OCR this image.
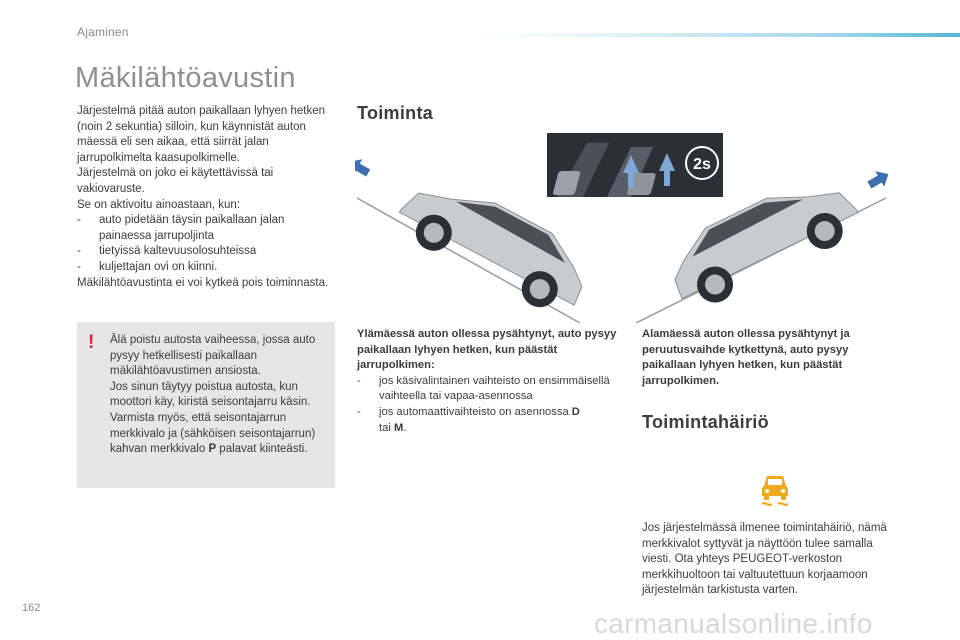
Ajaminen
Mäkilähtöavustin
Järjestelmä pitää auton paikallaan lyhyen hetken (noin 2 sekuntia) silloin, kun käynnistät auton mäessä eli sen aikaa, että siirrät jalan jarrupolkimelta kaasupolkimelle.
Järjestelmä on joko ei käytettävissä tai vakiovaruste.
Se on aktivoitu ainoastaan, kun:
-	auto pidetään täysin paikallaan jalan painaessa jarrupoljinta
-	tietyissä kaltevuusolosuhteissa
-	kuljettajan ovi on kiinni.
Mäkilähtöavustinta ei voi kytkeä pois toiminnasta.
! Älä poistu autosta vaiheessa, jossa auto pysyy hetkellisesti paikallaan mäkilähtöavustimen ansiosta.
Jos sinun täytyy poistua autosta, kun moottori käy, kiristä seisontajarru käsin. Varmista myös, että seisontajarrun merkkivalo ja (sähköisen seisontajarrun) kahvan merkkivalo P palavat kiinteästi.
Toiminta
2s
Ylämäessä auton ollessa pysähtynyt, auto pysyy paikallaan lyhyen hetken, kun päästät jarrupolkimen:
-	jos käsivalintainen vaihteisto on ensimmäisellä vaihteella tai vapaa-asennossa
-	jos automaattivaihteisto on asennossa D
tai M.
Alamäessä auton ollessa pysähtynyt ja peruutusvaihde kytkettynä, auto pysyy paikallaan lyhyen hetken, kun päästät jarrupolkimen.
Toimintahäiriö
Jos järjestelmässä ilmenee toimintahäiriö, nämä merkkivalot syttyvät ja näyttöön tulee samalla viesti. Ota yhteys PEUGEOT-verkoston merkkihuoltoon tai valtuutettuun korjaamoon järjestelmän tarkistusta varten.
162	carmanualsonline.info
